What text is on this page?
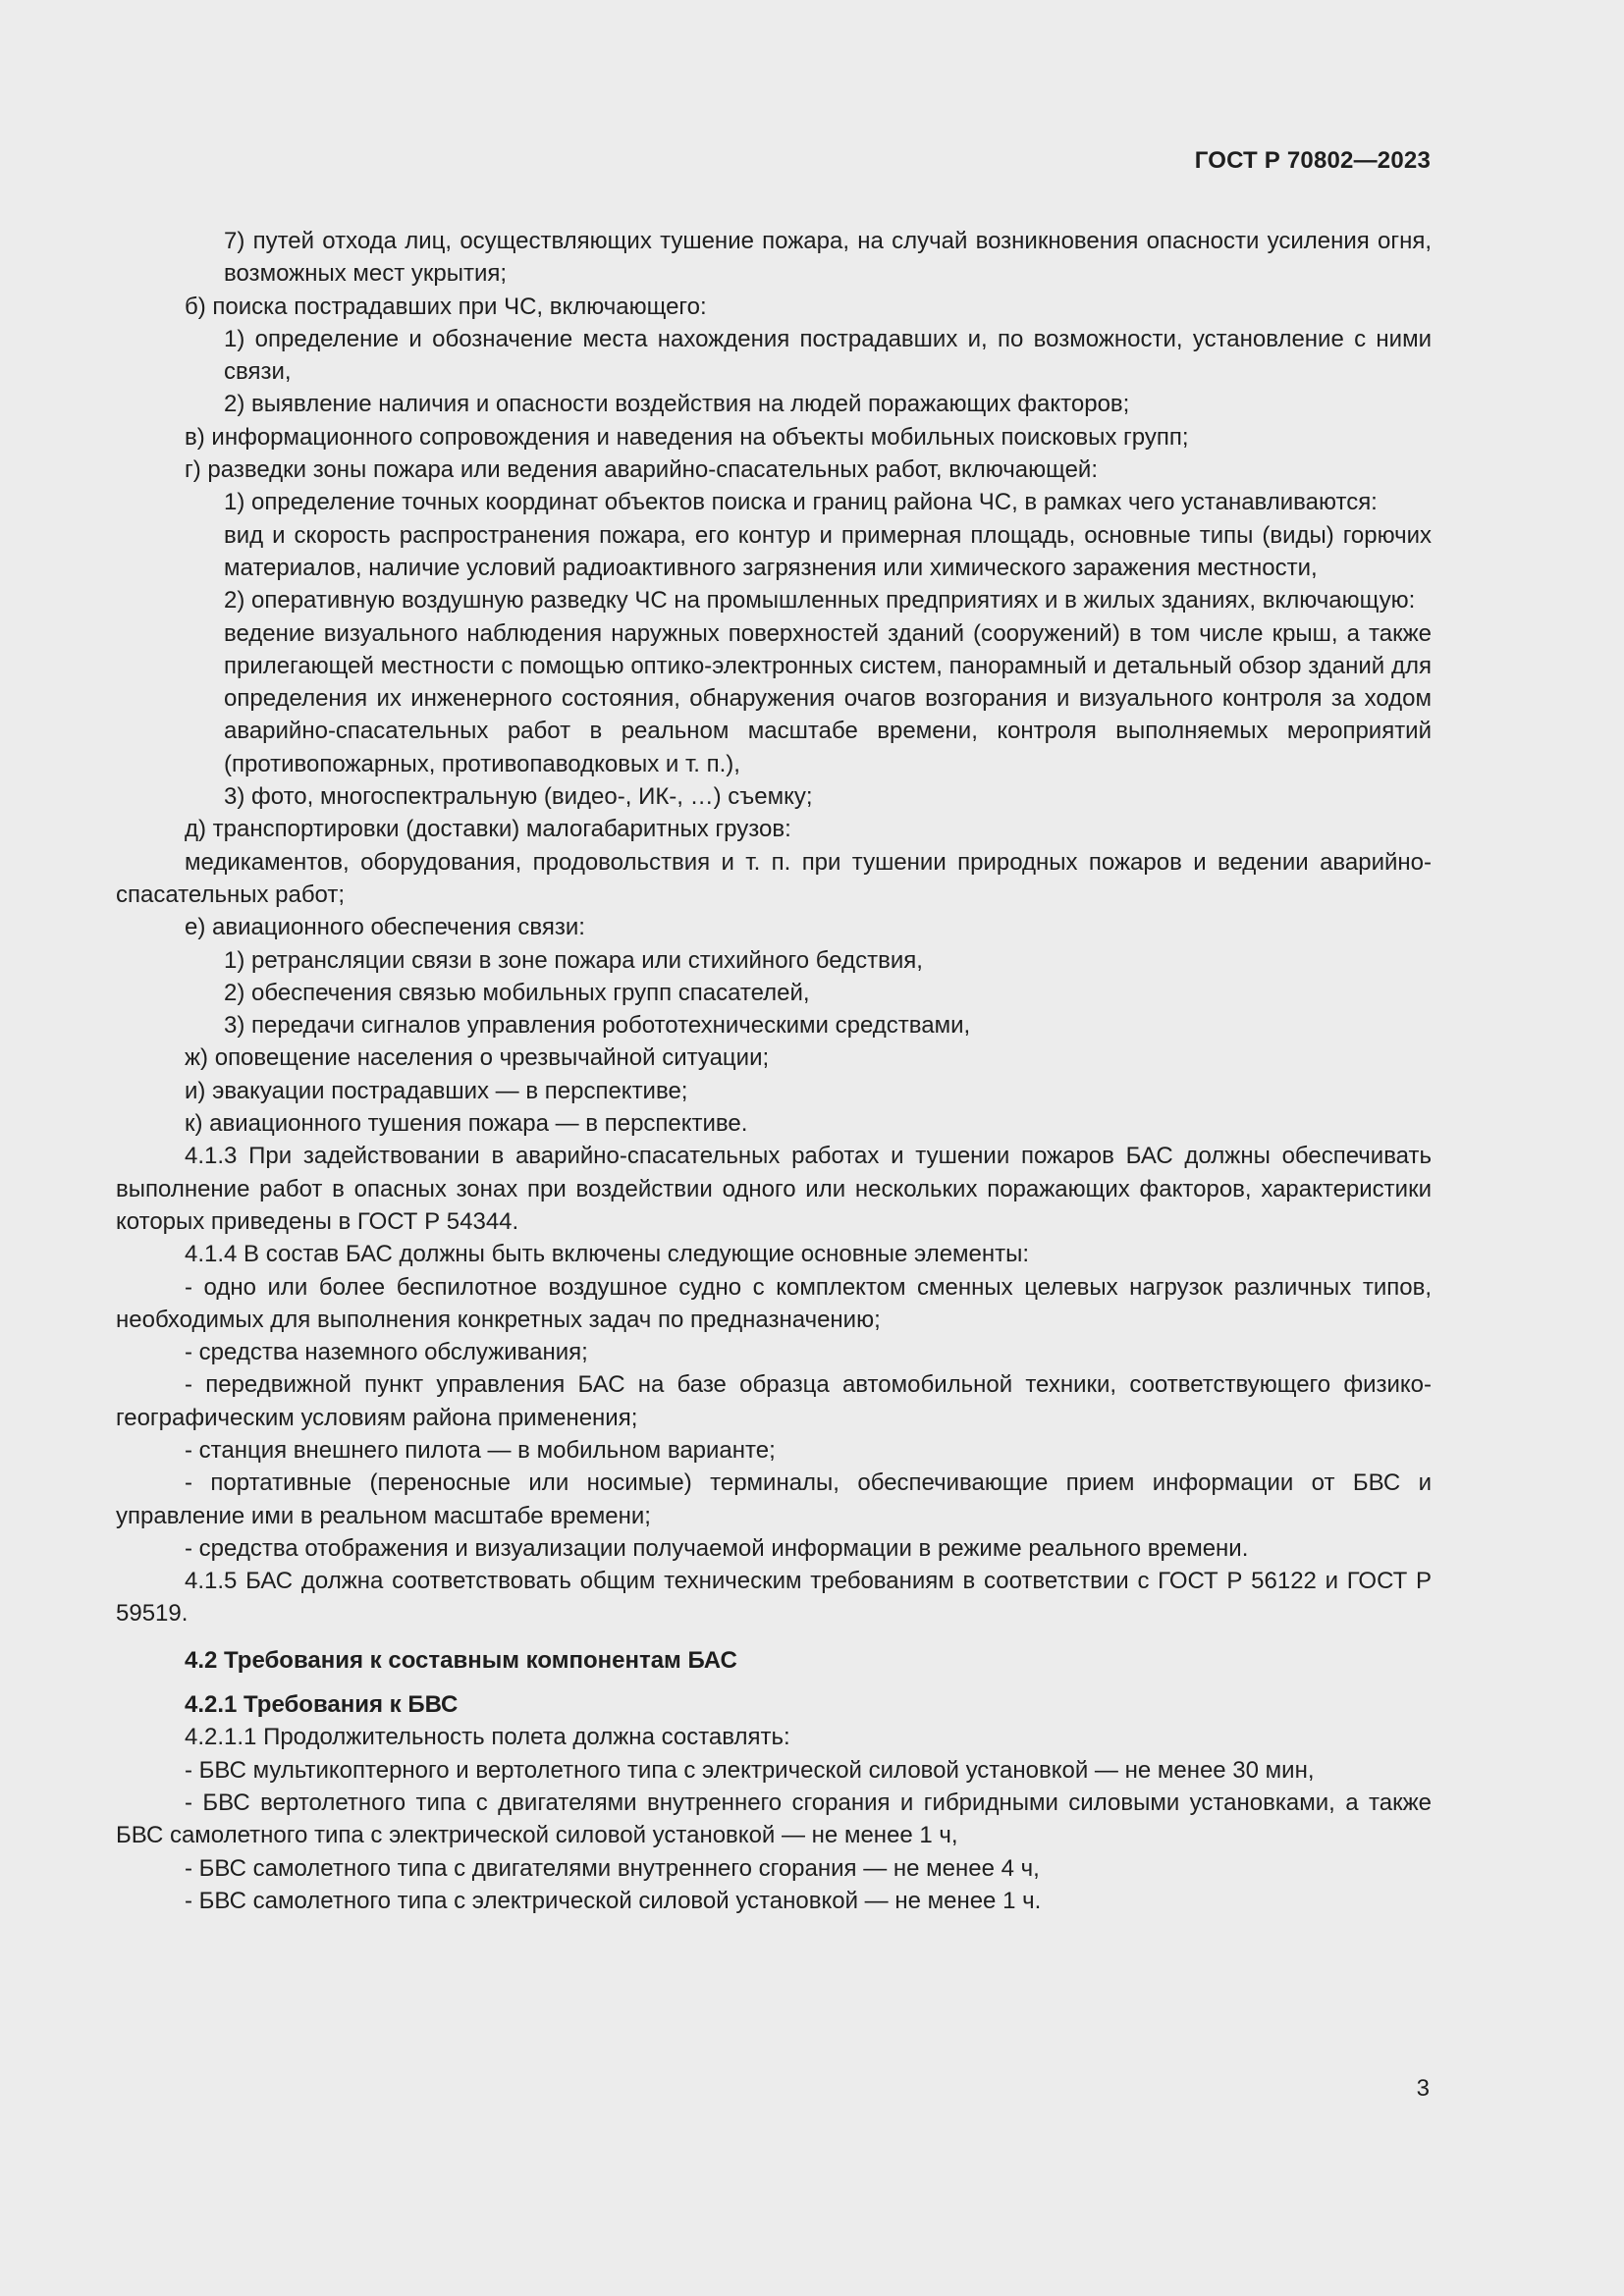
ГОСТ Р 70802—2023

7) путей отхода лиц, осуществляющих тушение пожара, на случай возникновения опасности усиления огня, возможных мест укрытия;

б) поиска пострадавших при ЧС, включающего:

1) определение и обозначение места нахождения пострадавших и, по возможности, установление с ними связи,

2) выявление наличия и опасности воздействия на людей поражающих факторов;

в) информационного сопровождения и наведения на объекты мобильных поисковых групп;

г) разведки зоны пожара или ведения аварийно-спасательных работ, включающей:

1) определение точных координат объектов поиска и границ района ЧС, в рамках чего устанавливаются:

вид и скорость распространения пожара, его контур и примерная площадь, основные типы (виды) горючих материалов, наличие условий радиоактивного загрязнения или химического заражения местности,

2) оперативную воздушную разведку ЧС на промышленных предприятиях и в жилых зданиях, включающую:

ведение визуального наблюдения наружных поверхностей зданий (сооружений) в том числе крыш, а также прилегающей местности с помощью оптико-электронных систем, панорамный и детальный обзор зданий для определения их инженерного состояния, обнаружения очагов возгорания и визуального контроля за ходом аварийно-спасательных работ в реальном масштабе времени, контроля выполняемых мероприятий (противопожарных, противопаводковых и т. п.),

3) фото, многоспектральную (видео-, ИК-, …) съемку;

д) транспортировки (доставки) малогабаритных грузов:

медикаментов, оборудования, продовольствия и т. п. при тушении природных пожаров и ведении аварийно-спасательных работ;

е) авиационного обеспечения связи:

1) ретрансляции связи в зоне пожара или стихийного бедствия,

2) обеспечения связью мобильных групп спасателей,

3) передачи сигналов управления робототехническими средствами,

ж) оповещение населения о чрезвычайной ситуации;

и) эвакуации пострадавших — в перспективе;

к) авиационного тушения пожара — в перспективе.

4.1.3 При задействовании в аварийно-спасательных работах и тушении пожаров БАС должны обеспечивать выполнение работ в опасных зонах при воздействии одного или нескольких поражающих факторов, характеристики которых приведены в ГОСТ Р 54344.

4.1.4 В состав БАС должны быть включены следующие основные элементы:

- одно или более беспилотное воздушное судно с комплектом сменных целевых нагрузок различных типов, необходимых для выполнения конкретных задач по предназначению;

- средства наземного обслуживания;

- передвижной пункт управления БАС на базе образца автомобильной техники, соответствующего физико-географическим условиям района применения;

- станция внешнего пилота — в мобильном варианте;

- портативные (переносные или носимые) терминалы, обеспечивающие прием информации от БВС и управление ими в реальном масштабе времени;

- средства отображения и визуализации получаемой информации в режиме реального времени.

4.1.5 БАС должна соответствовать общим техническим требованиям в соответствии с ГОСТ Р 56122 и ГОСТ Р 59519.

4.2 Требования к составным компонентам БАС

4.2.1 Требования к БВС

4.2.1.1 Продолжительность полета должна составлять:

- БВС мультикоптерного и вертолетного типа с электрической силовой установкой — не менее 30 мин,

- БВС вертолетного типа с двигателями внутреннего сгорания и гибридными силовыми установками, а также БВС самолетного типа с электрической силовой установкой — не менее 1 ч,

- БВС самолетного типа с двигателями внутреннего сгорания — не менее 4 ч,

- БВС самолетного типа с электрической силовой установкой — не менее 1 ч.

3
